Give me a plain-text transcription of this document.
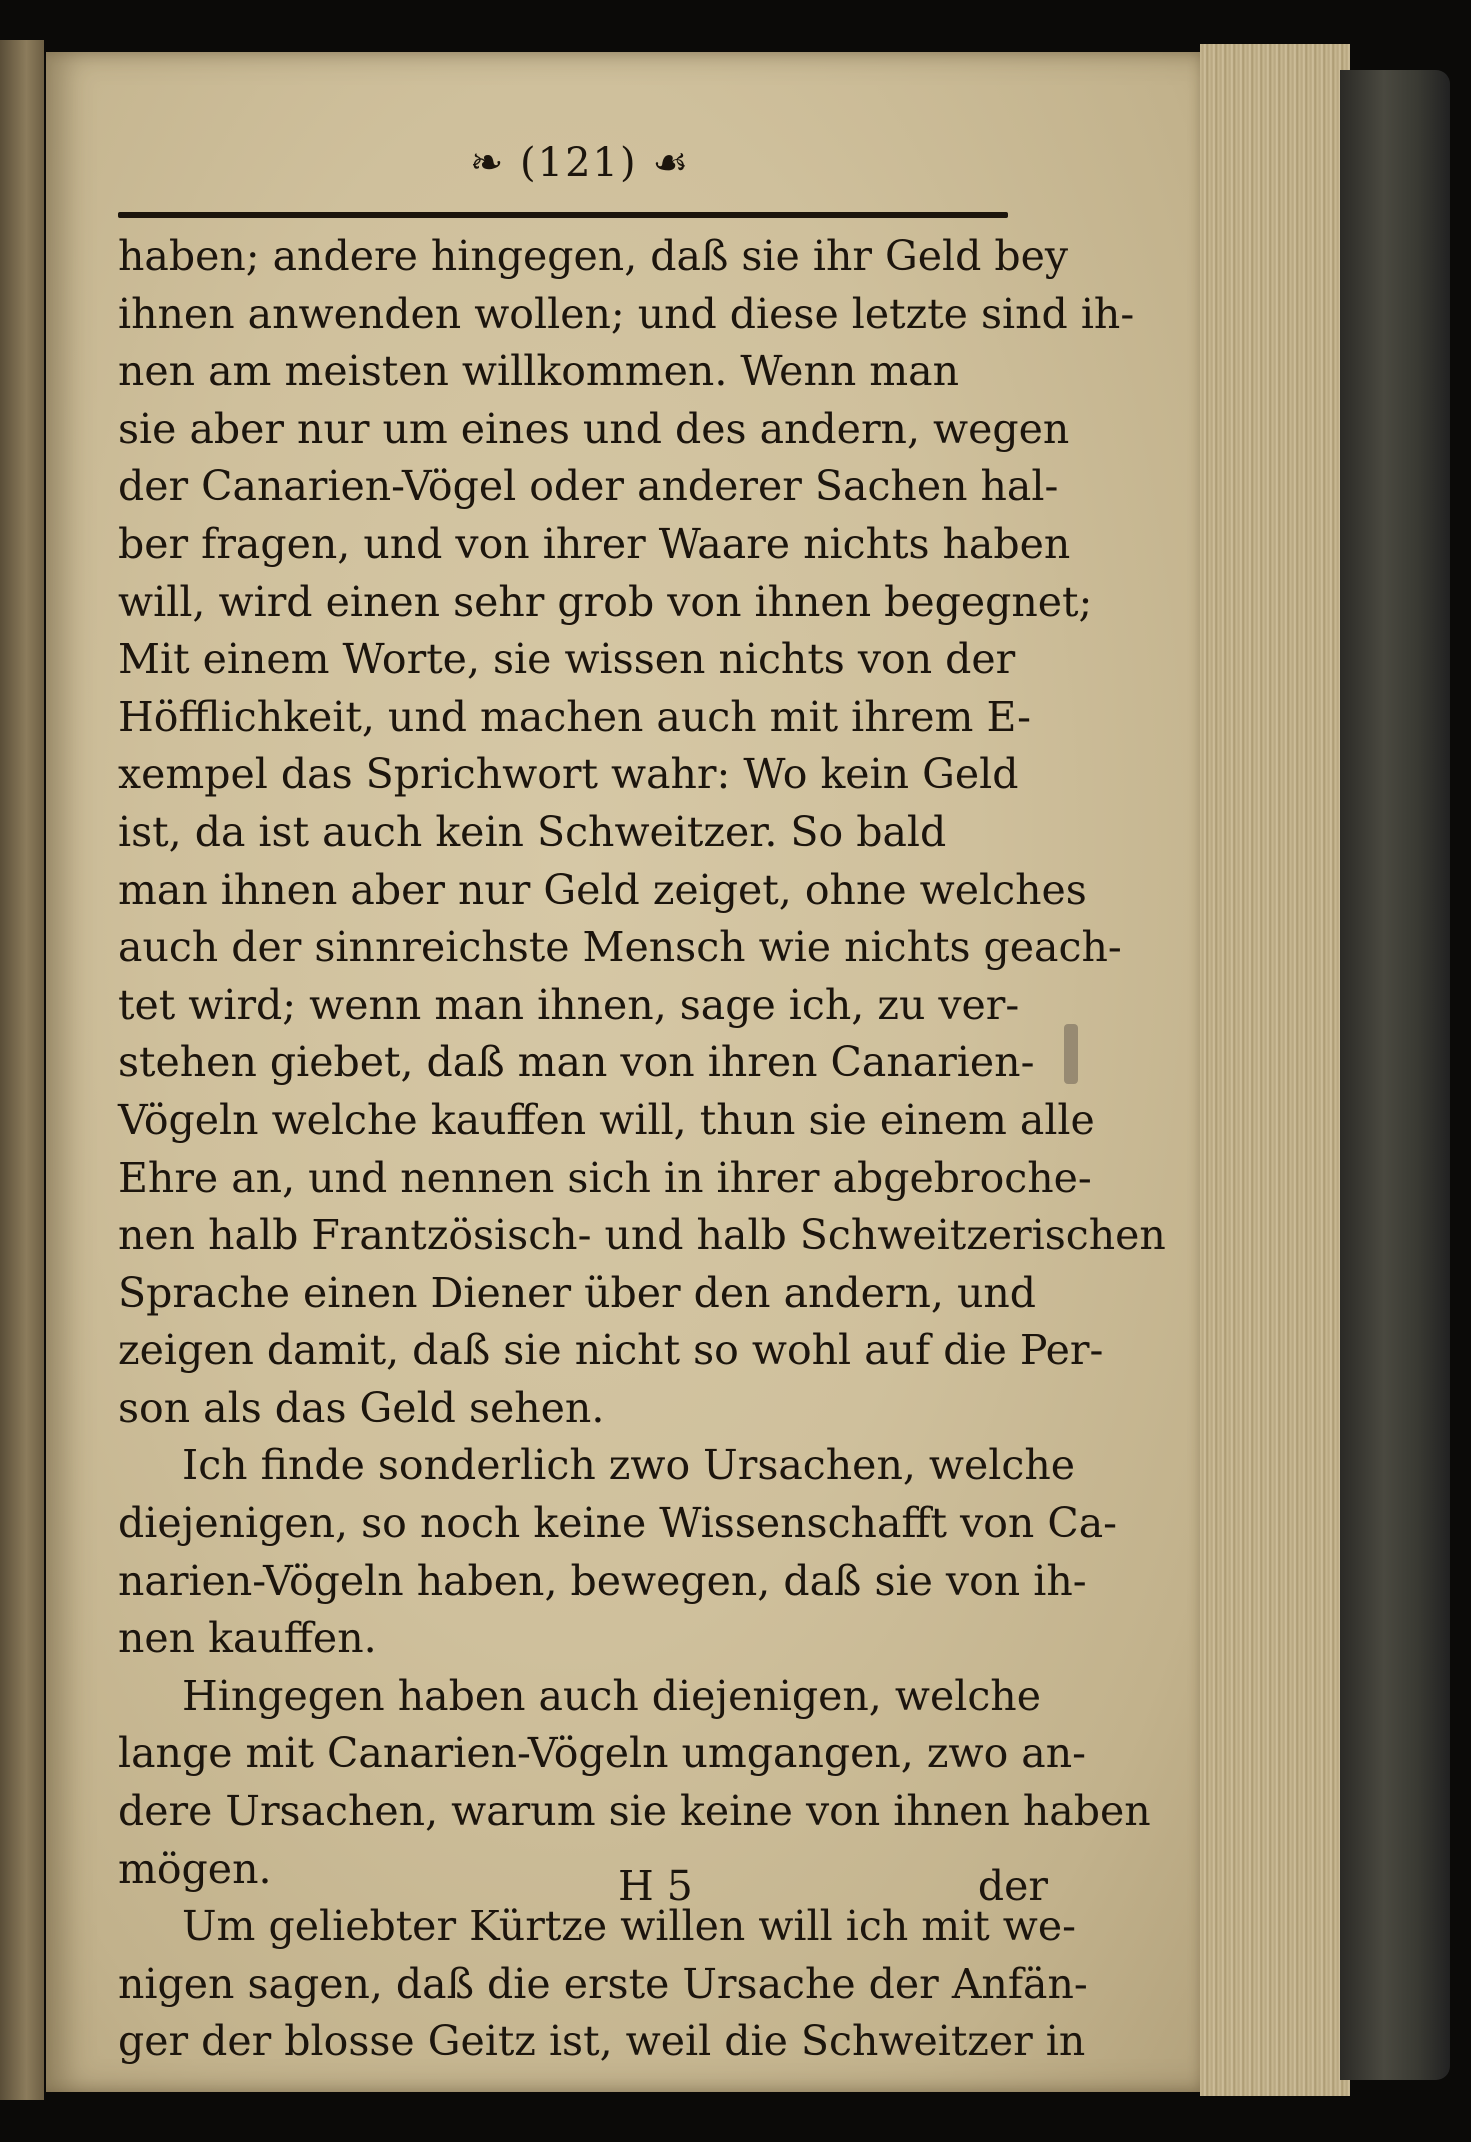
❧ (121) ☙
haben; andere hingegen, daß sie ihr Geld bey
ihnen anwenden wollen; und diese letzte sind ih-
nen am meisten willkommen. Wenn man
sie aber nur um eines und des andern, wegen
der Canarien-Vögel oder anderer Sachen hal-
ber fragen, und von ihrer Waare nichts haben
will, wird einen sehr grob von ihnen begegnet;
Mit einem Worte, sie wissen nichts von der
Höfflichkeit, und machen auch mit ihrem E-
xempel das Sprichwort wahr: Wo kein Geld
ist, da ist auch kein Schweitzer. So bald
man ihnen aber nur Geld zeiget, ohne welches
auch der sinnreichste Mensch wie nichts geach-
tet wird; wenn man ihnen, sage ich, zu ver-
stehen giebet, daß man von ihren Canarien-
Vögeln welche kauffen will, thun sie einem alle
Ehre an, und nennen sich in ihrer abgebroche-
nen halb Frantzösisch- und halb Schweitzerischen
Sprache einen Diener über den andern, und
zeigen damit, daß sie nicht so wohl auf die Per-
son als das Geld sehen.
Ich finde sonderlich zwo Ursachen, welche
diejenigen, so noch keine Wissenschafft von Ca-
narien-Vögeln haben, bewegen, daß sie von ih-
nen kauffen.
Hingegen haben auch diejenigen, welche
lange mit Canarien-Vögeln umgangen, zwo an-
dere Ursachen, warum sie keine von ihnen haben
mögen.
Um geliebter Kürtze willen will ich mit we-
nigen sagen, daß die erste Ursache der Anfän-
ger der blosse Geitz ist, weil die Schweitzer in
H 5	der
